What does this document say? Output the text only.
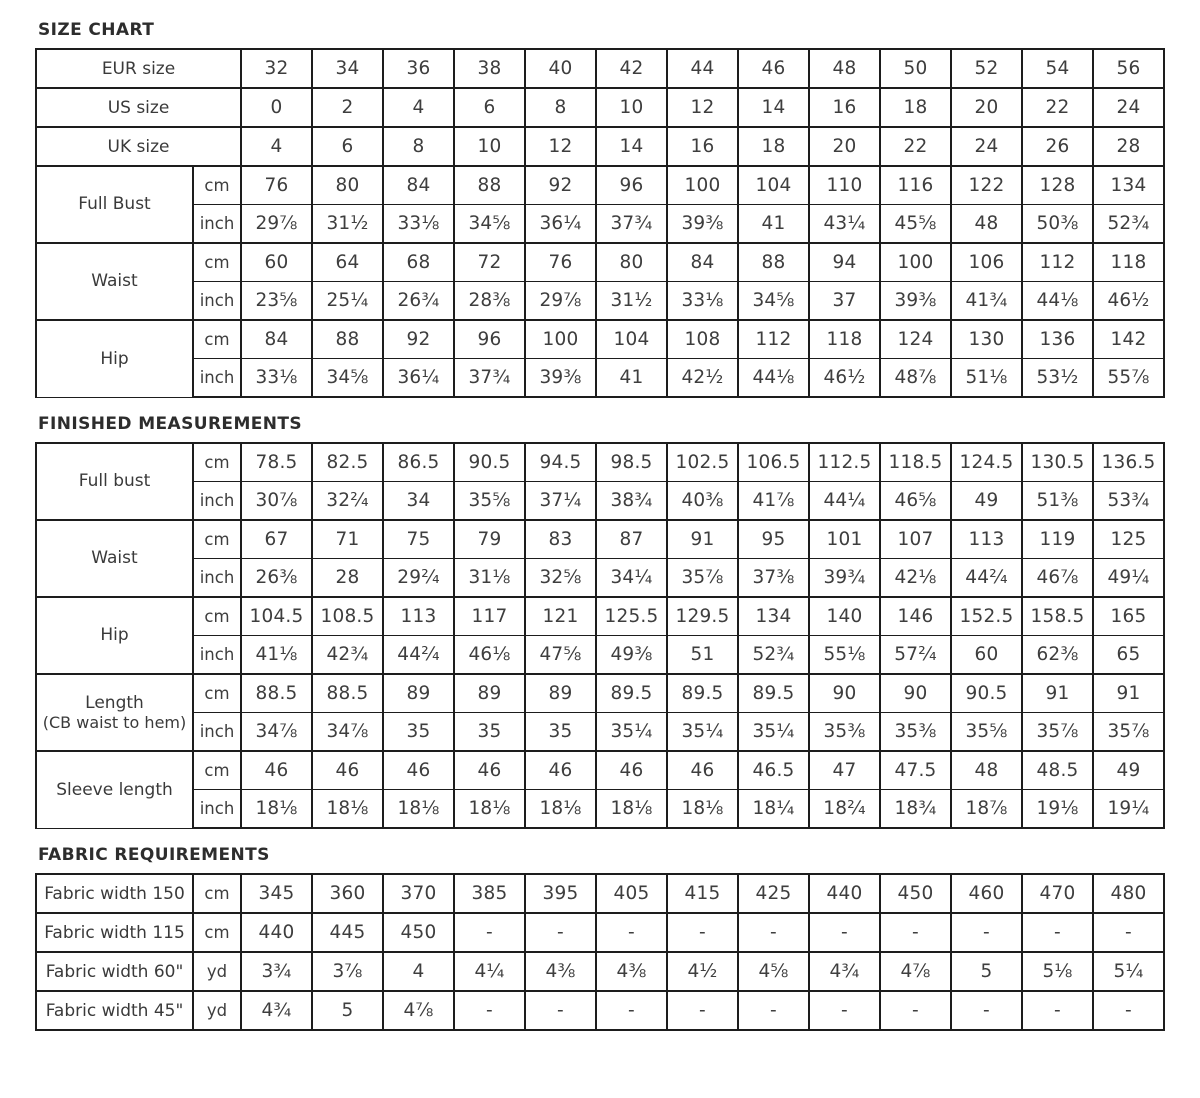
SIZE CHART
EUR size		32	34	36	38	40	42	44	46	48	50	52	54	56
US size		0	2	4	6	8	10	12	14	16	18	20	22	24
UK size		4	6	8	10	12	14	16	18	20	22	24	26	28

Full Bust	cm	76	80	84	88	92	96	100	104	110	116	122	128	134
	inch	29⅞	31½	33⅛	34⅝	36¼	37¾	39⅜	41	43¼	45⅝	48	50⅜	52¾

Waist	cm	60	64	68	72	76	80	84	88	94	100	106	112	118
	inch	23⅝	25¼	26¾	28⅜	29⅞	31½	33⅛	34⅝	37	39⅜	41¾	44⅛	46½

Hip	cm	84	88	92	96	100	104	108	112	118	124	130	136	142
	inch	33⅛	34⅝	36¼	37¾	39⅜	41	42½	44⅛	46½	48⅞	51⅛	53½	55⅞
FINISHED MEASUREMENTS
Full bust	cm	78.5	82.5	86.5	90.5	94.5	98.5	102.5	106.5	112.5	118.5	124.5	130.5	136.5
	inch	30⅞	32²⁄₄	34	35⅝	37¼	38¾	40⅜	41⅞	44¼	46⅝	49	51⅜	53¾

Waist	cm	67	71	75	79	83	87	91	95	101	107	113	119	125
	inch	26⅜	28	29²⁄₄	31⅛	32⅝	34¼	35⅞	37⅜	39¾	42⅛	44²⁄₄	46⅞	49¼

Hip	cm	104.5	108.5	113	117	121	125.5	129.5	134	140	146	152.5	158.5	165
	inch	41⅛	42¾	44²⁄₄	46⅛	47⅝	49⅜	51	52¾	55⅛	57²⁄₄	60	62⅜	65

Length
(CB waist to hem)	cm	88.5	88.5	89	89	89	89.5	89.5	89.5	90	90	90.5	91	91
	inch	34⅞	34⅞	35	35	35	35¼	35¼	35¼	35⅜	35⅜	35⅝	35⅞	35⅞

Sleeve length	cm	46	46	46	46	46	46	46	46.5	47	47.5	48	48.5	49
	inch	18⅛	18⅛	18⅛	18⅛	18⅛	18⅛	18⅛	18¼	18²⁄₄	18¾	18⅞	19⅛	19¼
FABRIC REQUIREMENTS
Fabric width 150	cm	345	360	370	385	395	405	415	425	440	450	460	470	480
Fabric width 115	cm	440	445	450	-	-	-	-	-	-	-	-	-	-
Fabric width 60"	yd	3¾	3⅞	4	4¼	4⅜	4⅜	4½	4⅝	4¾	4⅞	5	5⅛	5¼
Fabric width 45"	yd	4¾	5	4⅞	-	-	-	-	-	-	-	-	-	-
